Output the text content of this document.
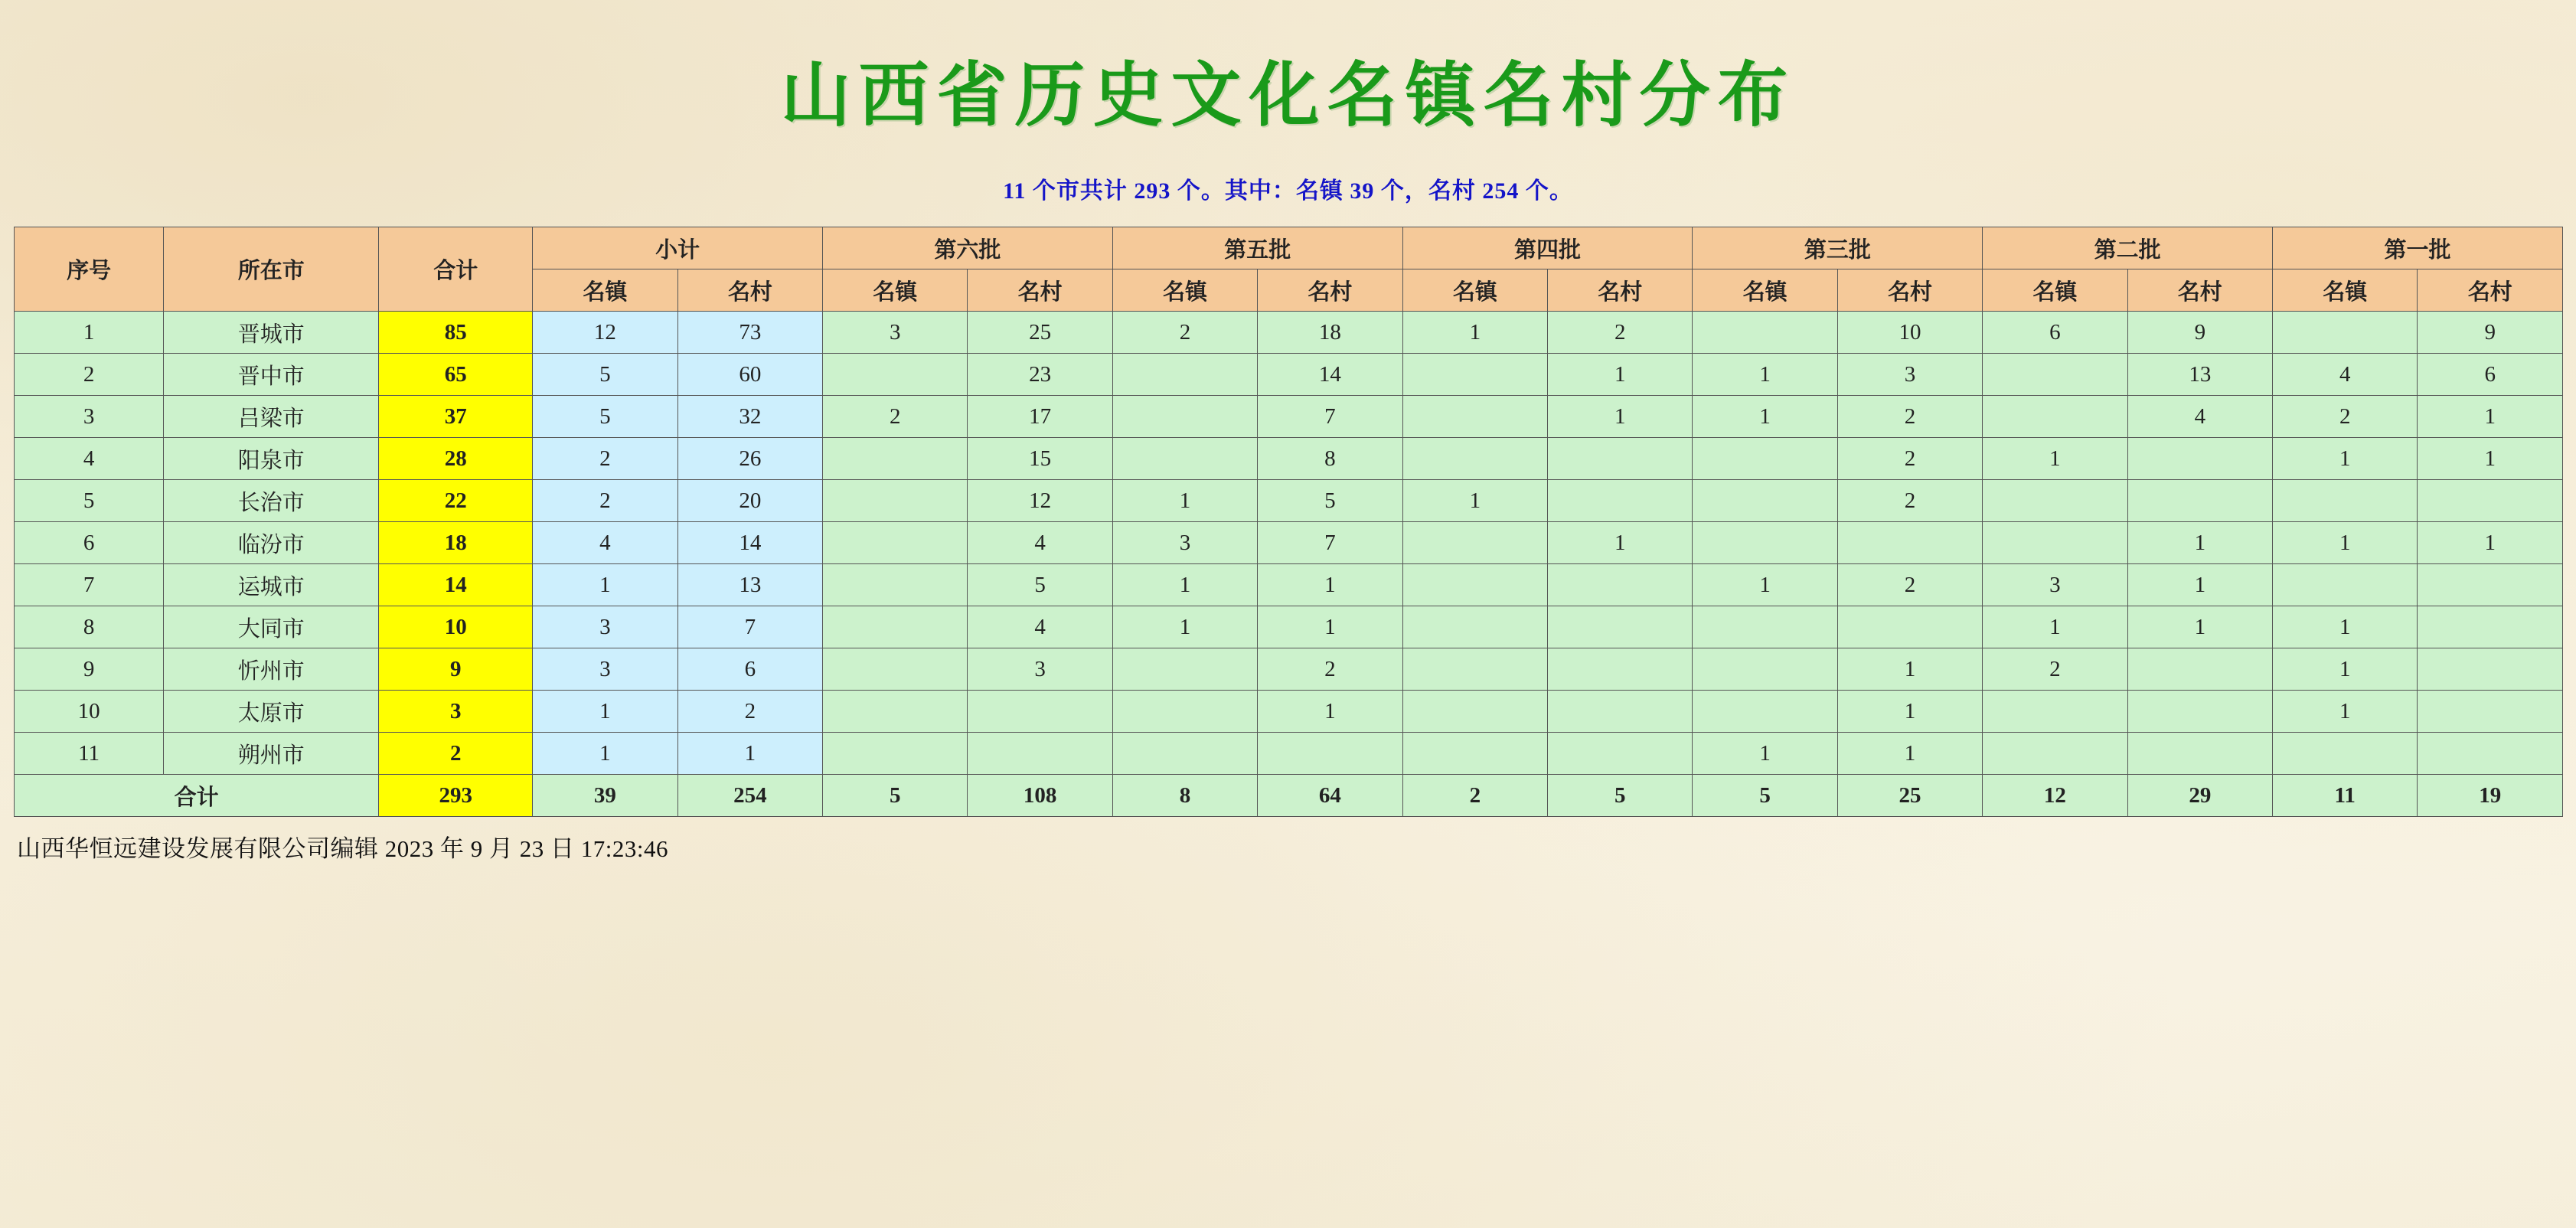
山西省历史文化名镇名村分布
11 个市共计 293 个。其中：名镇 39 个，名村 254 个。
序号	所在市	合计	小计		第六批		第五批		第四批		第三批		第二批		第一批	
			名镇	名村	名镇	名村	名镇	名村	名镇	名村	名镇	名村	名镇	名村	名镇	名村
1	晋城市	85	12	73	3	25	2	18	1	2		10	6	9		9
2	晋中市	65	5	60		23		14		1	1	3		13	4	6
3	吕梁市	37	5	32	2	17		7		1	1	2		4	2	1
4	阳泉市	28	2	26		15		8				2	1		1	1
5	长治市	22	2	20		12	1	5	1			2				
6	临汾市	18	4	14		4	3	7		1				1	1	1
7	运城市	14	1	13		5	1	1			1	2	3	1		
8	大同市	10	3	7		4	1	1					1	1	1	
9	忻州市	9	3	6		3		2				1	2		1	
10	太原市	3	1	2				1				1			1	
11	朔州市	2	1	1							1	1				
合计		293	39	254	5	108	8	64	2	5	5	25	12	29	11	19
山西华恒远建设发展有限公司编辑 2023 年 9 月 23 日 17:23:46
